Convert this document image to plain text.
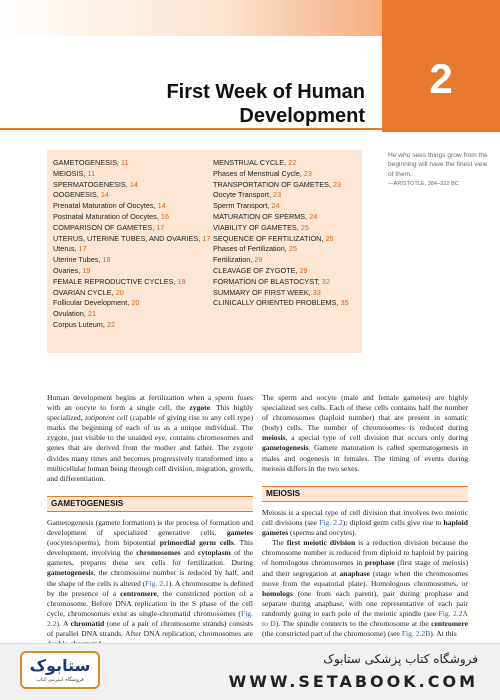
2
First Week of Human
Development
GAMETOGENESIS, 11
MEIOSIS, 11
SPERMATOGENESIS, 14
OOGENESIS, 14
Prenatal Maturation of Oocytes, 14
Postnatal Maturation of Oocytes, 16
COMPARISON OF GAMETES, 17
UTERUS, UTERINE TUBES, AND OVARIES, 17
Uterus, 17
Uterine Tubes, 18
Ovaries, 19
FEMALE REPRODUCTIVE CYCLES, 19
OVARIAN CYCLE, 20
Follicular Development, 20
Ovulation, 21
Corpus Luteum, 22
MENSTRUAL CYCLE, 22
Phases of Menstrual Cycle, 23
TRANSPORTATION OF GAMETES, 23
Oocyte Transport, 23
Sperm Transport, 24
MATURATION OF SPERMS, 24
VIABILITY OF GAMETES, 25
SEQUENCE OF FERTILIZATION, 25
Phases of Fertilization, 25
Fertilization, 29
CLEAVAGE OF ZYGOTE, 29
FORMATION OF BLASTOCYST, 32
SUMMARY OF FIRST WEEK, 33
CLINICALLY ORIENTED PROBLEMS, 35
He who sees things grow from the beginning will have the finest view of them.
—ARISTOTLE, 384–322 BC
Human development begins at fertilization when a sperm fuses with an oocyte to form a single cell, the zygote. This highly specialized, totipotent cell (capable of giving rise to any cell type) marks the beginning of each of us as a unique individual. The zygote, just visible to the unaided eye, contains chromosomes and genes that are derived from the mother and father. The zygote divides many times and becomes progressively transformed into a multicellular human being through cell division, migration, growth, and differentiation.
The sperm and oocyte (male and female gametes) are highly specialized sex cells. Each of these cells contains half the number of chromosomes (haploid number) that are present in somatic (body) cells. The number of chromosomes is reduced during meiosis, a special type of cell division that occurs only during gametogenesis. Gamete maturation is called spermatogenesis in males and oogenesis in females. The timing of events during meiosis differs in the two sexes.
GAMETOGENESIS
MEIOSIS
Gametogenesis (gamete formation) is the process of formation and development of specialized generative cells, gametes (oocytes/sperms), from bipotential primordial germ cells. This development, involving the chromosomes and cytoplasm of the gametes, prepares these sex cells for fertilization. During gametogenesis, the chromosome number is reduced by half, and the shape of the cells is altered (Fig. 2.1). A chromosome is defined by the presence of a centromere, the constricted portion of a chromosome. Before DNA replication in the S phase of the cell cycle, chromosomes exist as single-chromatid chromosomes (Fig. 2.2). A chromatid (one of a pair of chromosome strands) consists of parallel DNA strands. After DNA replication, chromosomes are
Meiosis is a special type of cell division that involves two meiotic cell divisions (see Fig. 2.2); diploid germ cells give rise to haploid gametes (sperms and oocytes).
The first meiotic division is a reduction division because the chromosome number is reduced from diploid to haploid by pairing of homologous chromosomes in prophase (first stage of meiosis) and their segregation at anaphase (stage when the chromosomes move from the equatorial plate). Homologous chromosomes, or homologs (one from each parent), pair during prophase and separate during anaphase, with one representative of each pair randomly going to each pole of the meiotic spindle (see Fig. 2.2A to D). The spindle connects to the chromosome at the centromere (the constricted part of the chromosome) (see Fig. 2.2B). At this
ستابوک
فروشگاه اینترنتی کتاب
فروشگاه کتاب پزشکی ستابوک
WWW.SETABOOK.COM
